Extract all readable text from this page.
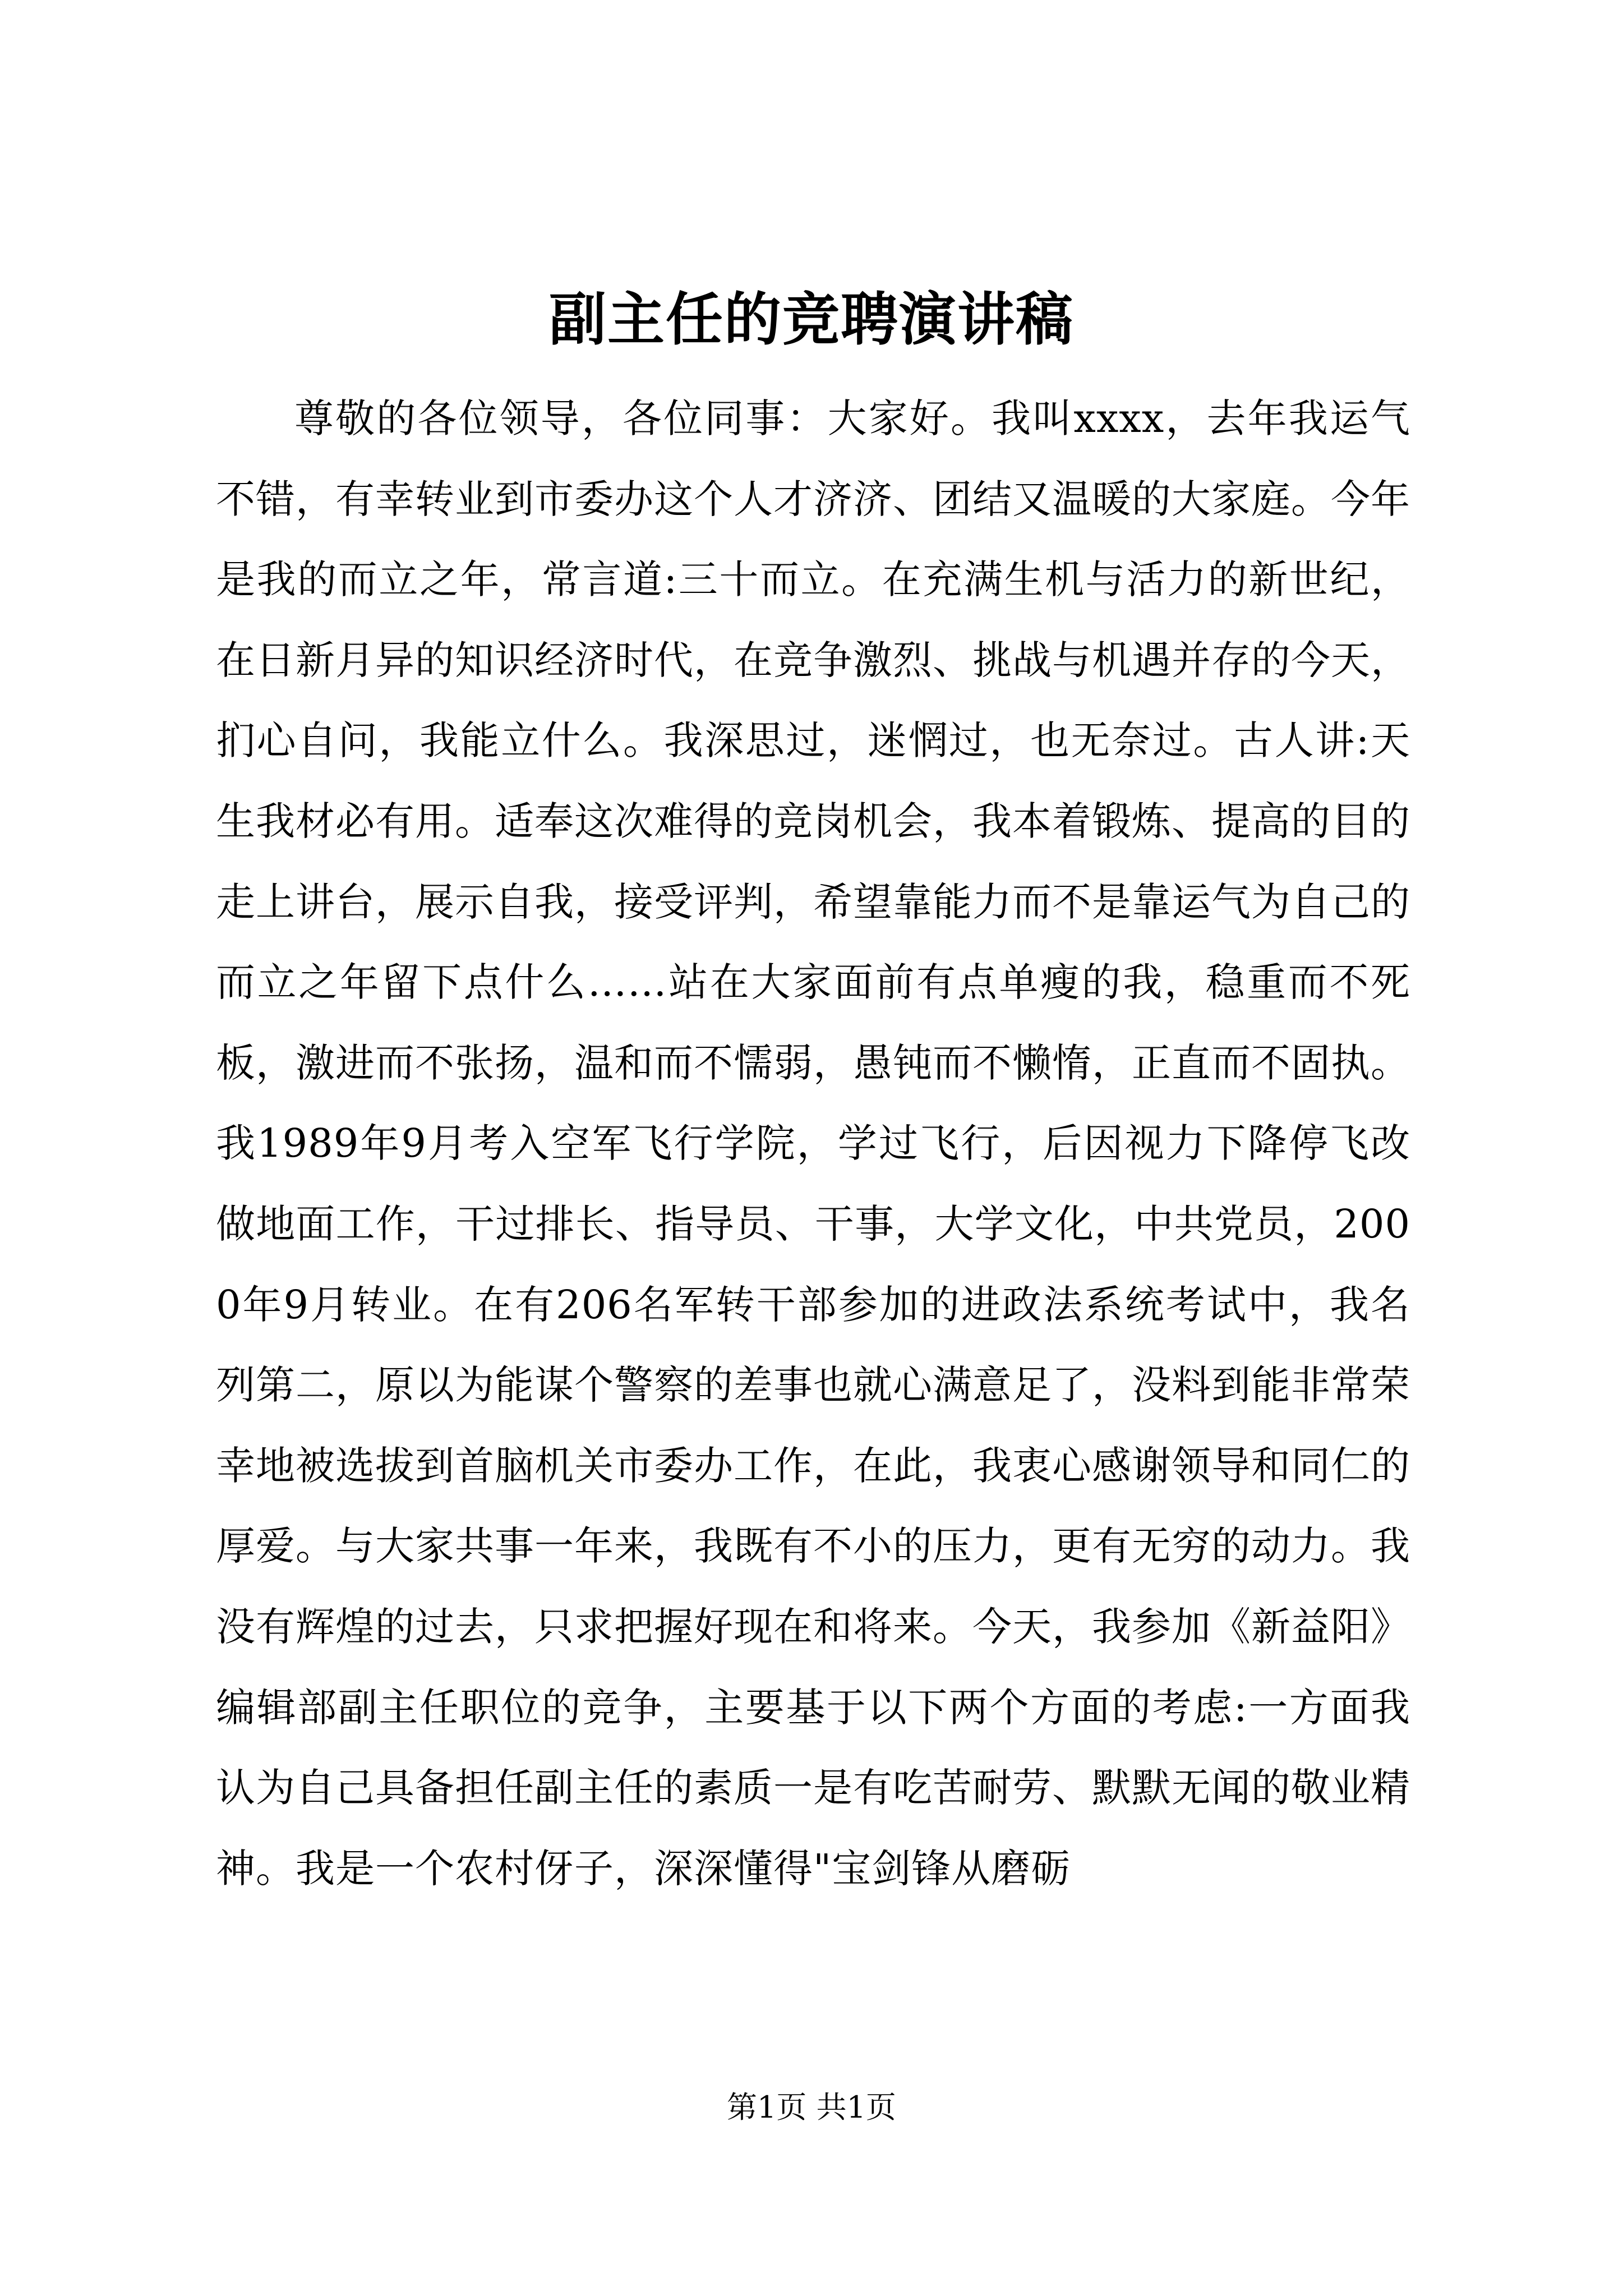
副主任的竞聘演讲稿

尊敬的各位领导，各位同事：大家好。我叫xxxx，去年我运气不错，有幸转业到市委办这个人才济济、团结又温暖的大家庭。今年是我的而立之年，常言道:三十而立。在充满生机与活力的新世纪，在日新月异的知识经济时代，在竞争激烈、挑战与机遇并存的今天，扪心自问，我能立什么。我深思过，迷惘过，也无奈过。古人讲:天生我材必有用。适奉这次难得的竞岗机会，我本着锻炼、提高的目的走上讲台，展示自我，接受评判，希望靠能力而不是靠运气为自己的而立之年留下点什么……站在大家面前有点单瘦的我，稳重而不死板，激进而不张扬，温和而不懦弱，愚钝而不懒惰，正直而不固执。我1989年9月考入空军飞行学院，学过飞行，后因视力下降停飞改做地面工作，干过排长、指导员、干事，大学文化，中共党员，2000年9月转业。在有206名军转干部参加的进政法系统考试中，我名列第二，原以为能谋个警察的差事也就心满意足了，没料到能非常荣幸地被选拔到首脑机关市委办工作，在此，我衷心感谢领导和同仁的厚爱。与大家共事一年来，我既有不小的压力，更有无穷的动力。我没有辉煌的过去，只求把握好现在和将来。今天，我参加《新益阳》编辑部副主任职位的竞争，主要基于以下两个方面的考虑:一方面我认为自己具备担任副主任的素质一是有吃苦耐劳、默默无闻的敬业精神。我是一个农村伢子，深深懂得"宝剑锋从磨砺

第1页 共1页
